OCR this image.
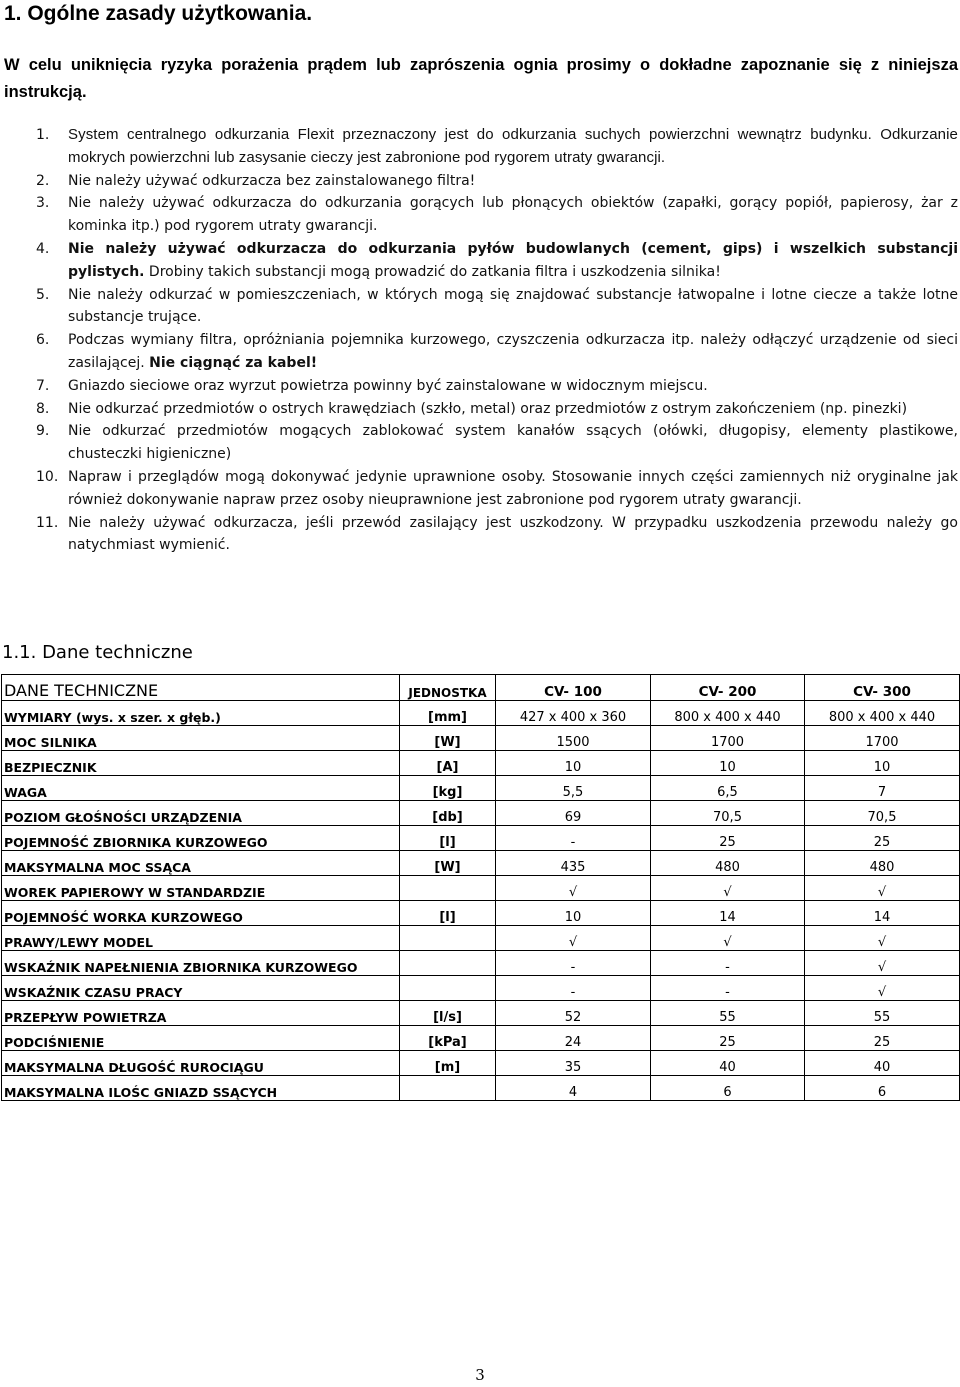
1. Ogólne zasady użytkowania.
W celu uniknięcia ryzyka porażenia prądem lub zaprószenia ognia prosimy o dokładne zapoznanie się z niniejsza instrukcją.
1. System centralnego odkurzania Flexit przeznaczony jest do odkurzania suchych powierzchni wewnątrz budynku. Odkurzanie mokrych powierzchni lub zasysanie cieczy jest zabronione pod rygorem utraty gwarancji.
2. Nie należy używać odkurzacza bez zainstalowanego filtra!
3. Nie należy używać odkurzacza do odkurzania gorących lub płonących obiektów (zapałki, gorący popiół, papierosy, żar z kominka itp.) pod rygorem utraty gwarancji.
4. Nie należy używać odkurzacza do odkurzania pyłów budowlanych (cement, gips) i wszelkich substancji pylistych. Drobiny takich substancji mogą prowadzić do zatkania filtra i uszkodzenia silnika!
5. Nie należy odkurzać w pomieszczeniach, w których mogą się znajdować substancje łatwopalne i lotne ciecze a także lotne substancje trujące.
6. Podczas wymiany filtra, opróżniania pojemnika kurzowego, czyszczenia odkurzacza itp. należy odłączyć urządzenie od sieci zasilającej. Nie ciągnąć za kabel!
7. Gniazdo sieciowe oraz wyrzut powietrza powinny być zainstalowane w widocznym miejscu.
8. Nie odkurzać przedmiotów o ostrych krawędziach (szkło, metal) oraz przedmiotów z ostrym zakończeniem (np. pinezki)
9. Nie odkurzać przedmiotów mogących zablokować system kanałów ssących (ołówki, długopisy, elementy plastikowe, chusteczki higieniczne)
10. Napraw i przeglądów mogą dokonywać jedynie uprawnione osoby. Stosowanie innych części zamiennych niż oryginalne jak również dokonywanie napraw przez osoby nieuprawnione jest zabronione pod rygorem utraty gwarancji.
11. Nie należy używać odkurzacza, jeśli przewód zasilający jest uszkodzony. W przypadku uszkodzenia przewodu należy go natychmiast wymienić.
1.1. Dane techniczne
DANE TECHNICZNE	JEDNOSTKA	CV- 100	CV- 200	CV- 300
WYMIARY (wys. x szer. x głęb.)	[mm]	427 x 400 x 360	800 x 400 x 440	800 x 400 x 440
MOC SILNIKA	[W]	1500	1700	1700
BEZPIECZNIK	[A]	10	10	10
WAGA	[kg]	5,5	6,5	7
POZIOM GŁOŚNOŚCI URZĄDZENIA	[db]	69	70,5	70,5
POJEMNOŚĆ ZBIORNIKA KURZOWEGO	[l]	-	25	25
MAKSYMALNA MOC SSĄCA	[W]	435	480	480
WOREK PAPIEROWY W STANDARDZIE		√	√	√
POJEMNOŚĆ WORKA KURZOWEGO	[l]	10	14	14
PRAWY/LEWY MODEL		√	√	√
WSKAŹNIK NAPEŁNIENIA ZBIORNIKA KURZOWEGO		-	-	√
WSKAŹNIK CZASU PRACY		-	-	√
PRZEPŁYW POWIETRZA	[l/s]	52	55	55
PODCIŚNIENIE	[kPa]	24	25	25
MAKSYMALNA DŁUGOŚĆ RUROCIĄGU	[m]	35	40	40
MAKSYMALNA ILOŚC GNIAZD SSĄCYCH		4	6	6
3
